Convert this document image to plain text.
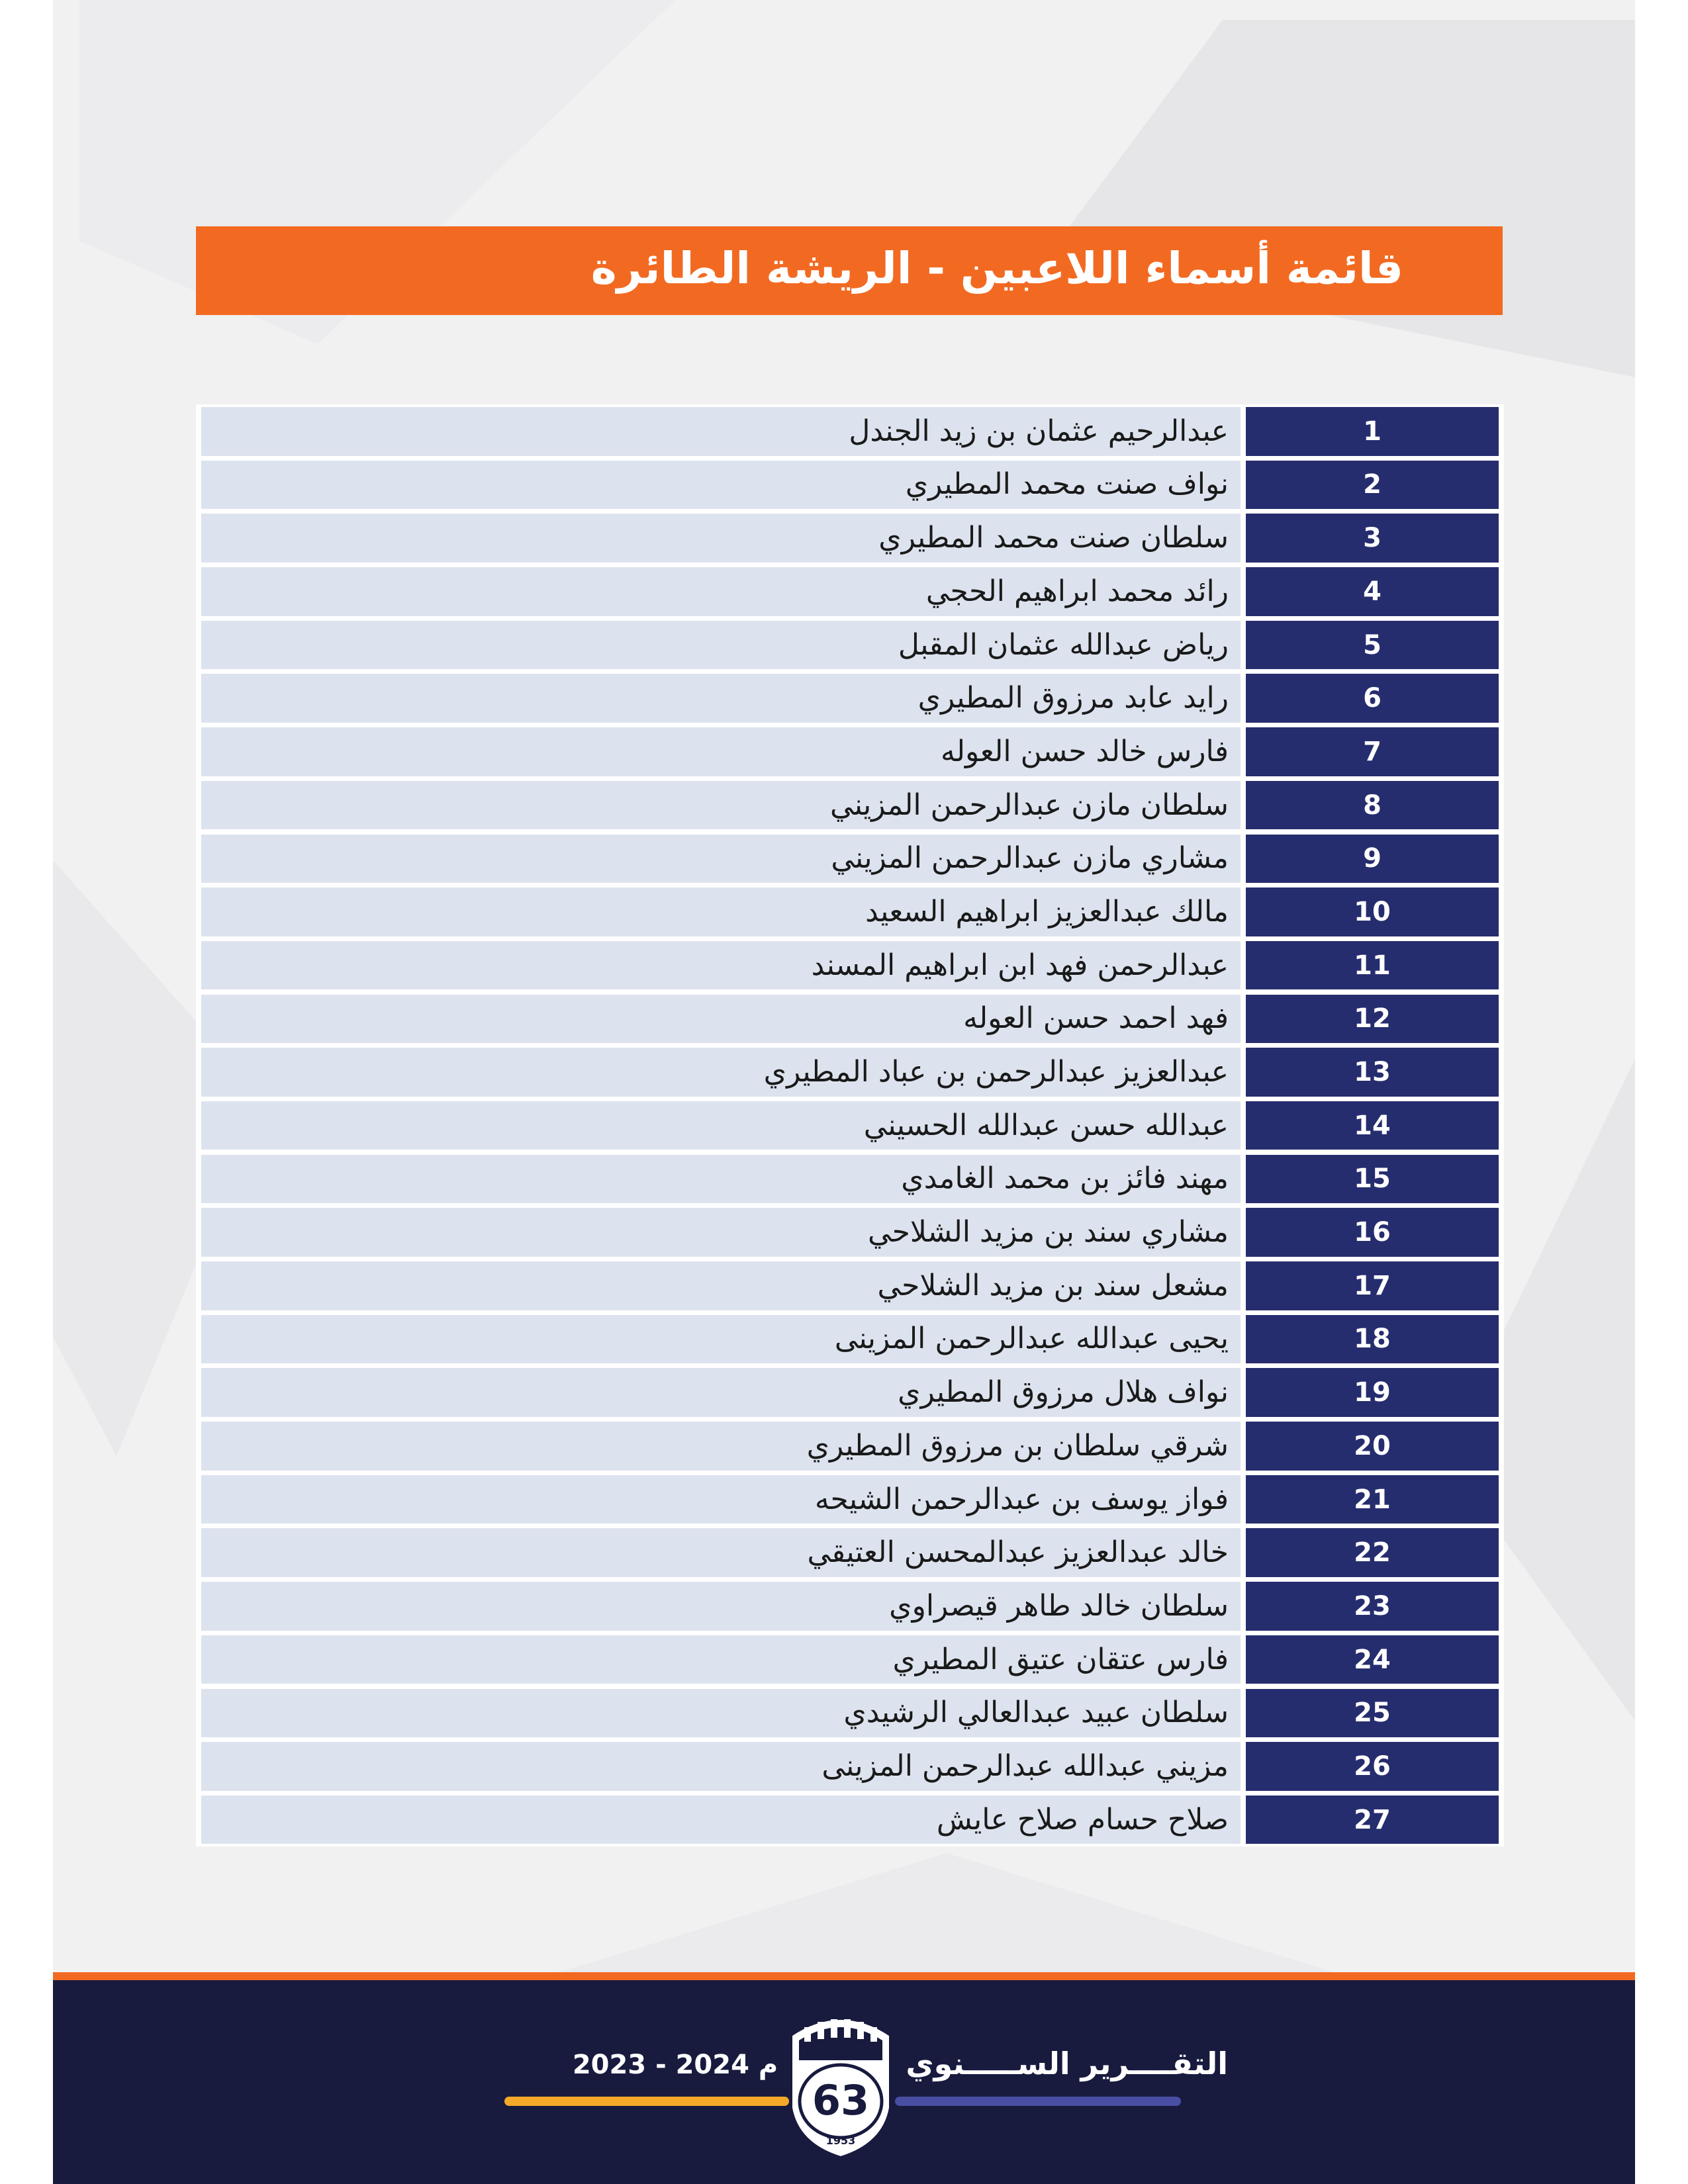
قائمة أسماء اللاعبين - الريشة الطائرة
عبدالرحيم عثمان بن زيد الجندل	1
نواف صنت محمد المطيري	2
سلطان صنت محمد المطيري	3
رائد محمد ابراهيم الحجي	4
رياض عبدالله عثمان المقبل	5
رايد عابد مرزوق المطيري	6
فارس خالد حسن العوله	7
سلطان مازن عبدالرحمن المزيني	8
مشاري مازن عبدالرحمن المزيني	9
مالك عبدالعزيز ابراهيم السعيد	10
عبدالرحمن فهد ابن ابراهيم المسند	11
فهد احمد حسن العوله	12
عبدالعزيز عبدالرحمن بن عباد المطيري	13
عبدالله حسن عبدالله الحسيني	14
مهند فائز بن محمد الغامدي	15
مشاري سند بن مزيد الشلاحي	16
مشعل سند بن مزيد الشلاحي	17
يحيى عبدالله عبدالرحمن المزينى	18
نواف هلال مرزوق المطيري	19
شرقي سلطان بن مرزوق المطيري	20
فواز يوسف بن عبدالرحمن الشيحه	21
خالد عبدالعزيز عبدالمحسن العتيقي	22
سلطان خالد طاهر قيصراوي	23
فارس عتقان عتيق المطيري	24
سلطان عبيد عبدالعالي الرشيدي	25
مزيني عبدالله عبدالرحمن المزينى	26
صلاح حسام صلاح عايش	27
2023 - 2024 م
63
1953
التقــــرير الســـــنوي
